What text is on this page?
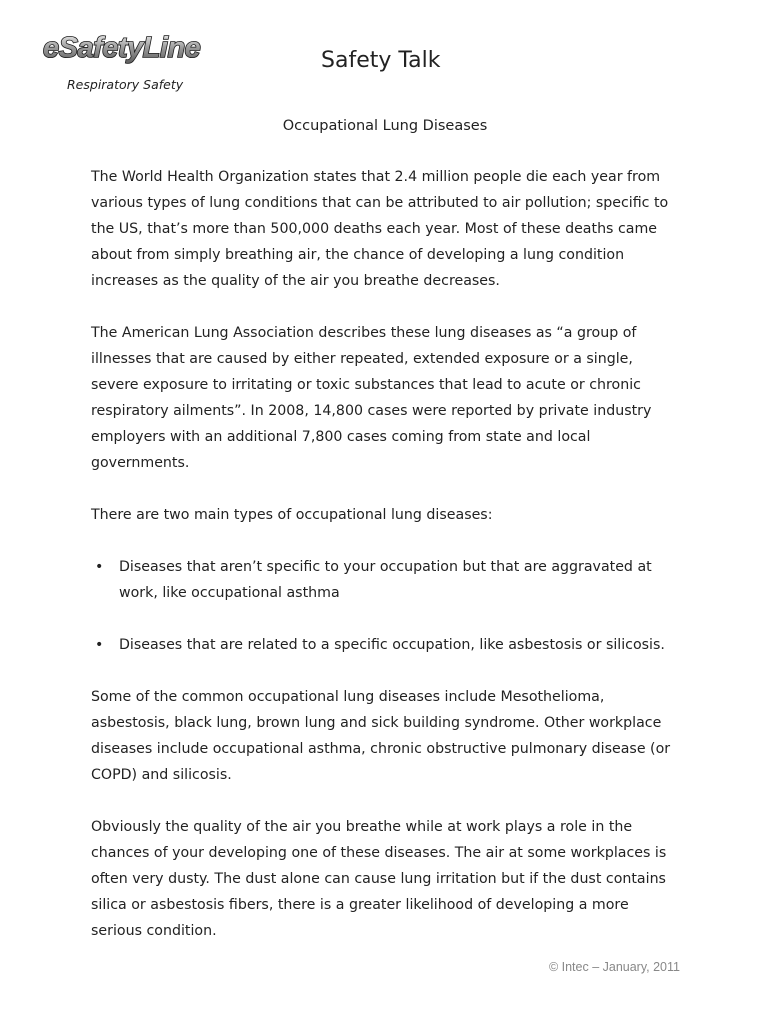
eSafetyLine
Respiratory Safety
Safety Talk
Occupational Lung Diseases

The World Health Organization states that 2.4 million people die each year from various types of lung conditions that can be attributed to air pollution; specific to the US, that’s more than 500,000 deaths each year. Most of these deaths came about from simply breathing air, the chance of developing a lung condition increases as the quality of the air you breathe decreases.

The American Lung Association describes these lung diseases as “a group of illnesses that are caused by either repeated, extended exposure or a single, severe exposure to irritating or toxic substances that lead to acute or chronic respiratory ailments”. In 2008, 14,800 cases were reported by private industry employers with an additional 7,800 cases coming from state and local governments.

There are two main types of occupational lung diseases:

• Diseases that aren’t specific to your occupation but that are aggravated at work, like occupational asthma
• Diseases that are related to a specific occupation, like asbestosis or silicosis.

Some of the common occupational lung diseases include Mesothelioma, asbestosis, black lung, brown lung and sick building syndrome. Other workplace diseases include occupational asthma, chronic obstructive pulmonary disease (or COPD) and silicosis.

Obviously the quality of the air you breathe while at work plays a role in the chances of your developing one of these diseases. The air at some workplaces is often very dusty. The dust alone can cause lung irritation but if the dust contains silica or asbestosis fibers, there is a greater likelihood of developing a more serious condition.

© Intec – January, 2011
